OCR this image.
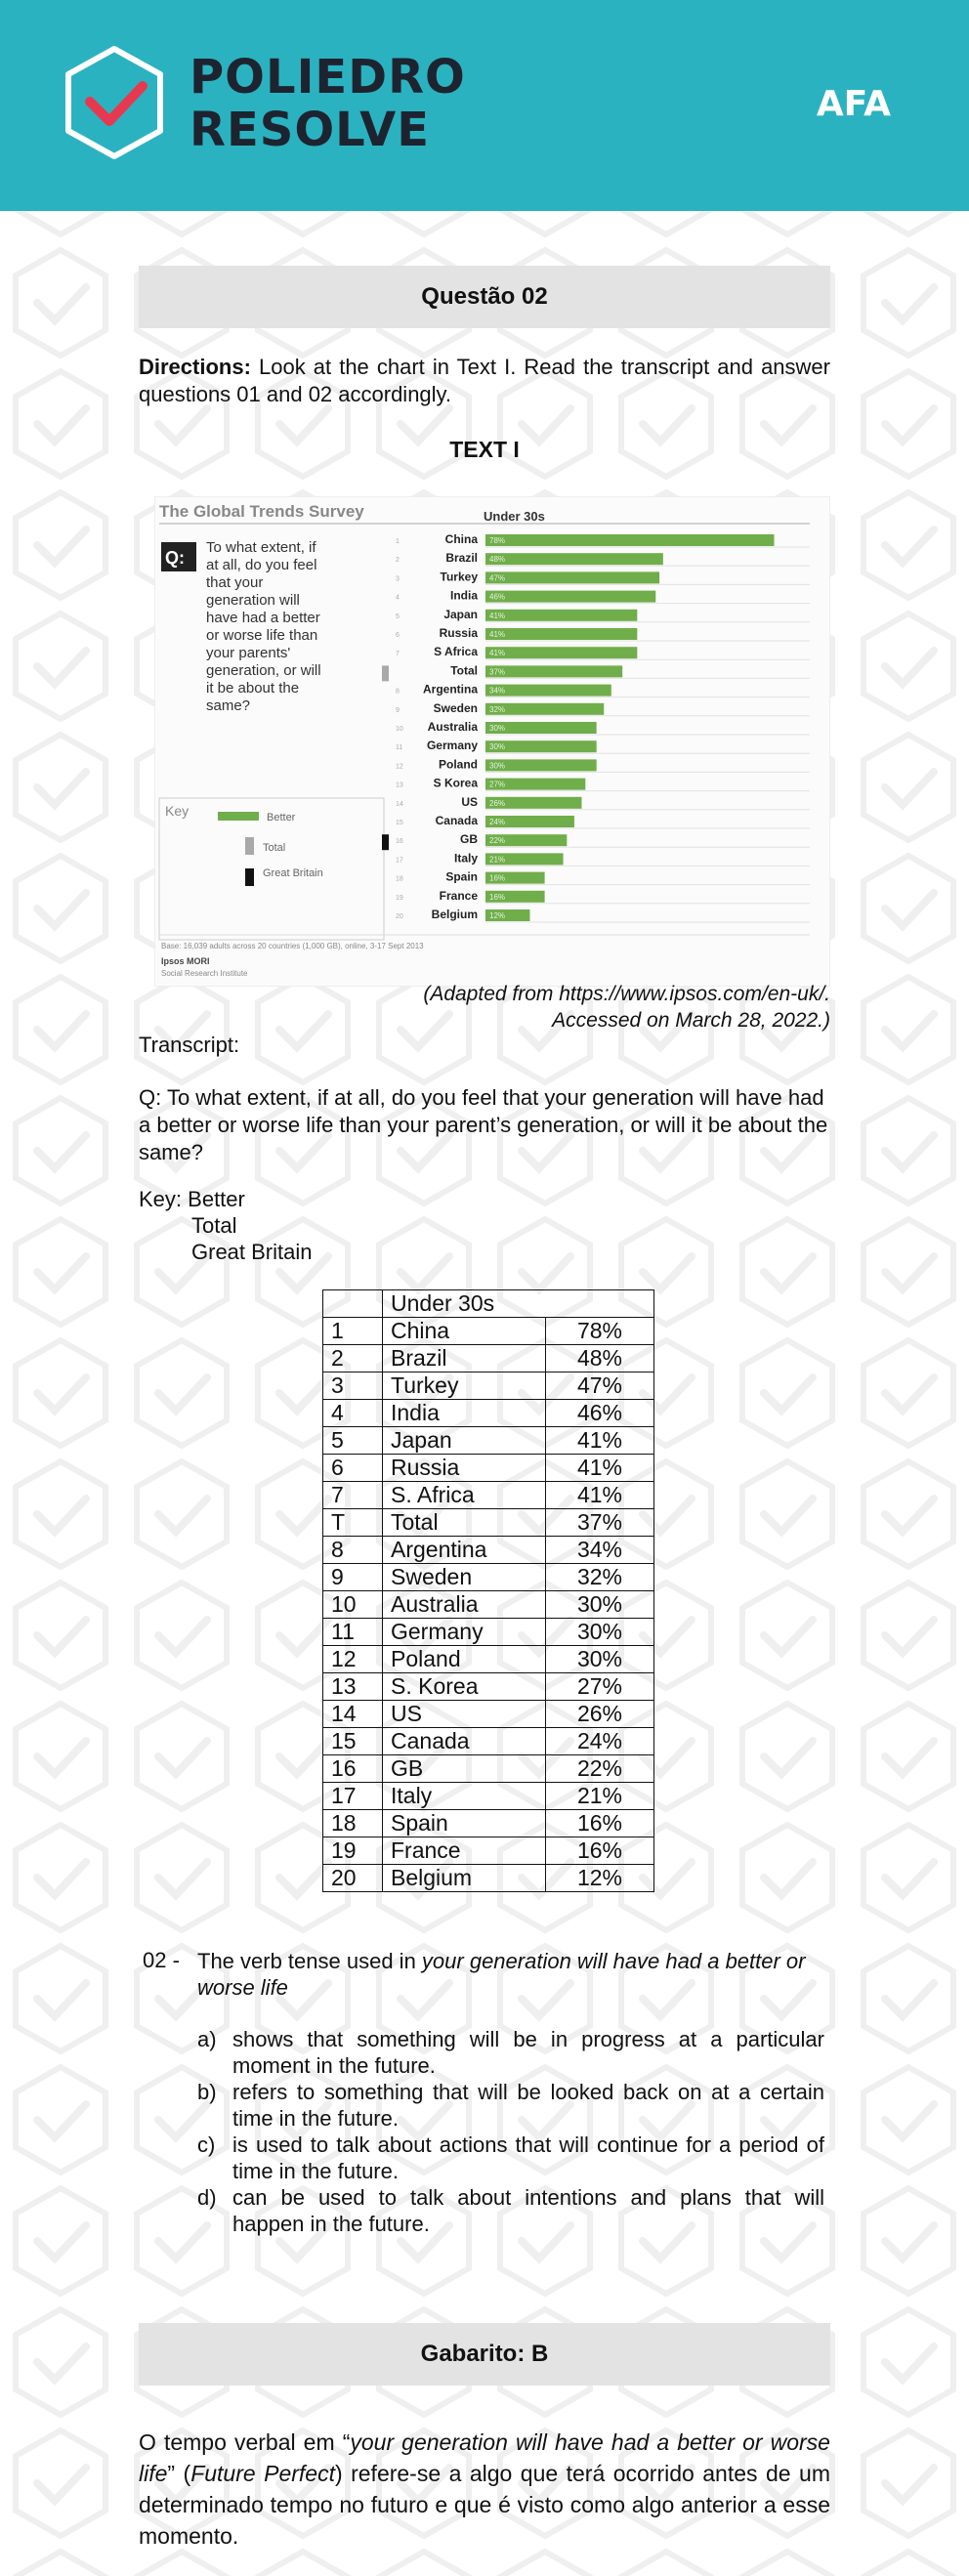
POLIEDRO
RESOLVE	AFA
Questão 02
Directions: Look at the chart in Text I. Read the transcript and answer questions 01 and 02 accordingly.
TEXT I
The Global Trends Survey
Q:
To what extent, if
at all, do you feel
that your
generation will
have had a better
or worse life than
your parents'
generation, or will
it be about the
same?
Key	Better
Total
Great Britain
Under 30s
1	China 78%
2	Brazil 48%
3	Turkey 47%
4	India 46%
5	Japan 41%
6	Russia 41%
7	S Africa 41%
Total 37%
8 Argentina 34%
9	Sweden 32%
10 Australia 30%
11 Germany 30%
12	Poland 30%
13	S Korea 27%
14	US 26%
15	Canada 24%
16	GB 22%
17	Italy 21%
18	Spain 16%
19	France 16%
20 Belgium 12%
Base: 16,039 adults across 20 countries (1,000 GB), online, 3-17 Sept 2013
Ipsos MORI
Social Research Institute
(Adapted from https://www.ipsos.com/en-uk/.
Accessed on March 28, 2022.)
Transcript:
Q: To what extent, if at all, do you feel that your generation will have had a better or worse life than your parent’s generation, or will it be about the same?
Key: Better
Total
Great Britain
	Under 30s	
1	China	78%
2	Brazil	48%
3	Turkey	47%
4	India	46%
5	Japan	41%
6	Russia	41%
7	S. Africa	41%
T	Total	37%
8	Argentina	34%
9	Sweden	32%
10	Australia	30%
11	Germany	30%
12	Poland	30%
13	S. Korea	27%
14	US	26%
15	Canada	24%
16	GB	22%
17	Italy	21%
18	Spain	16%
19	France	16%
20	Belgium	12%
02 - The verb tense used in your generation will have had a better or worse life
a) shows that something will be in progress at a particular moment in the future.
b) refers to something that will be looked back on at a certain time in the future.
c) is used to talk about actions that will continue for a period of time in the future.
d) can be used to talk about intentions and plans that will happen in the future.
Gabarito: B
O tempo verbal em “your generation will have had a better or worse life” (Future Perfect) refere-se a algo que terá ocorrido antes de um determinado tempo no futuro e que é visto como algo anterior a esse momento.
